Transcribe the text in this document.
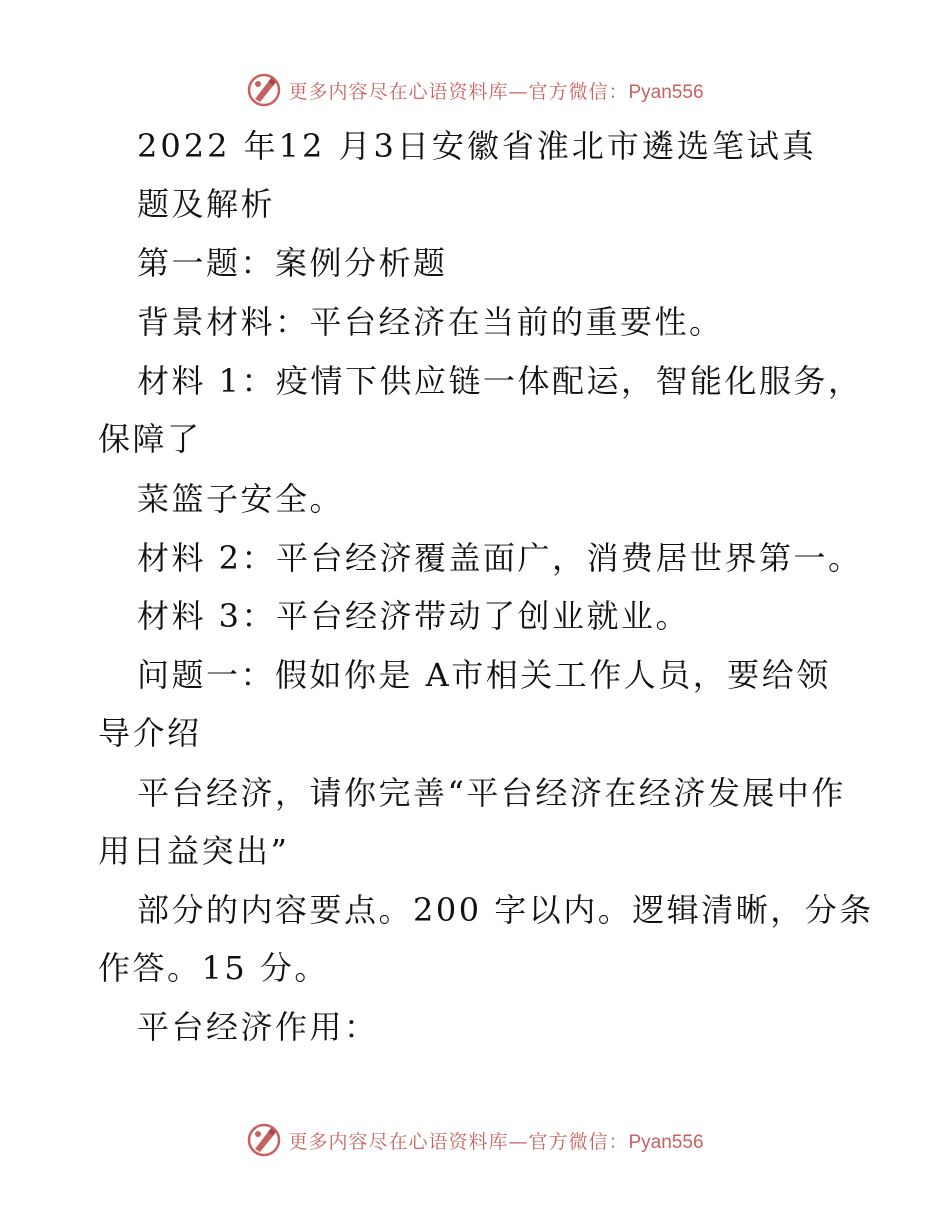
更多内容尽在心语资料库—官方微信：Pyan556
2022 年12 月3日安徽省淮北市遴选笔试真
题及解析
第一题：案例分析题
背景材料：平台经济在当前的重要性。
材料 1：疫情下供应链一体配运，智能化服务，
保障了
菜篮子安全。
材料 2：平台经济覆盖面广，消费居世界第一。
材料 3：平台经济带动了创业就业。
问题一：假如你是 A市相关工作人员，要给领
导介绍
平台经济，请你完善“平台经济在经济发展中作
用日益突出”
部分的内容要点。200 字以内。逻辑清晰，分条
作答。15 分。
平台经济作用：
更多内容尽在心语资料库—官方微信：Pyan556
